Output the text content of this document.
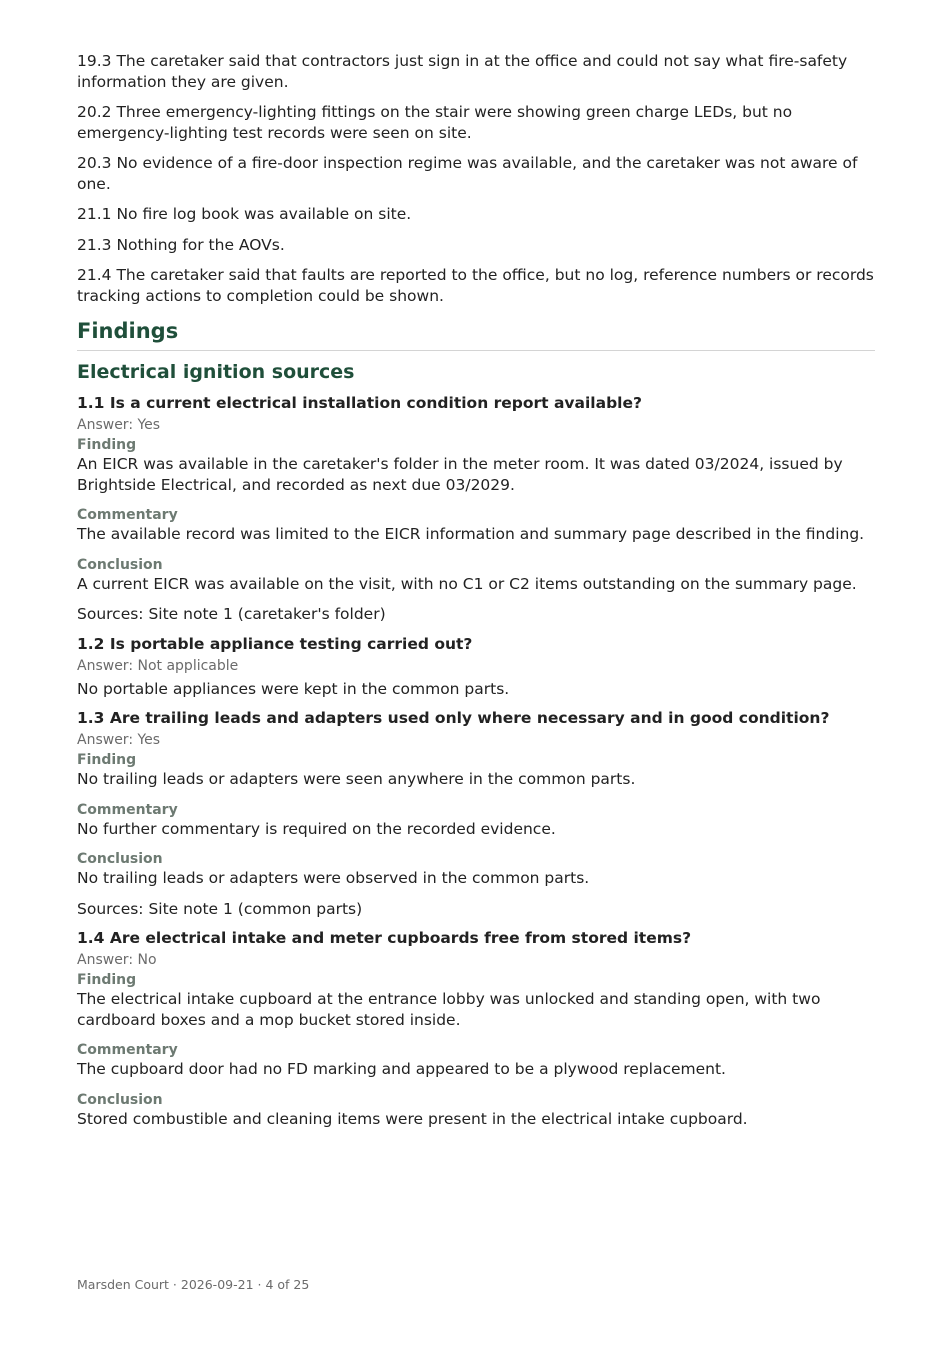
19.3 The caretaker said that contractors just sign in at the office and could not say what fire-safety information they are given.

20.2 Three emergency-lighting fittings on the stair were showing green charge LEDs, but no emergency-lighting test records were seen on site.

20.3 No evidence of a fire-door inspection regime was available, and the caretaker was not aware of one.

21.1 No fire log book was available on site.

21.3 Nothing for the AOVs.

21.4 The caretaker said that faults are reported to the office, but no log, reference numbers or records tracking actions to completion could be shown.

Findings
Electrical ignition sources
1.1 Is a current electrical installation condition report available?
Answer: Yes
Finding

An EICR was available in the caretaker's folder in the meter room. It was dated 03/2024, issued by Brightside Electrical, and recorded as next due 03/2029.

Commentary

The available record was limited to the EICR information and summary page described in the finding.

Conclusion

A current EICR was available on the visit, with no C1 or C2 items outstanding on the summary page.

Sources: Site note 1 (caretaker's folder)

1.2 Is portable appliance testing carried out?
Answer: Not applicable

No portable appliances were kept in the common parts.

1.3 Are trailing leads and adapters used only where necessary and in good condition?
Answer: Yes
Finding

No trailing leads or adapters were seen anywhere in the common parts.

Commentary

No further commentary is required on the recorded evidence.

Conclusion

No trailing leads or adapters were observed in the common parts.

Sources: Site note 1 (common parts)

1.4 Are electrical intake and meter cupboards free from stored items?
Answer: No
Finding

The electrical intake cupboard at the entrance lobby was unlocked and standing open, with two cardboard boxes and a mop bucket stored inside.

Commentary

The cupboard door had no FD marking and appeared to be a plywood replacement.

Conclusion

Stored combustible and cleaning items were present in the electrical intake cupboard.

Marsden Court · 2026-09-21 · 4 of 25
